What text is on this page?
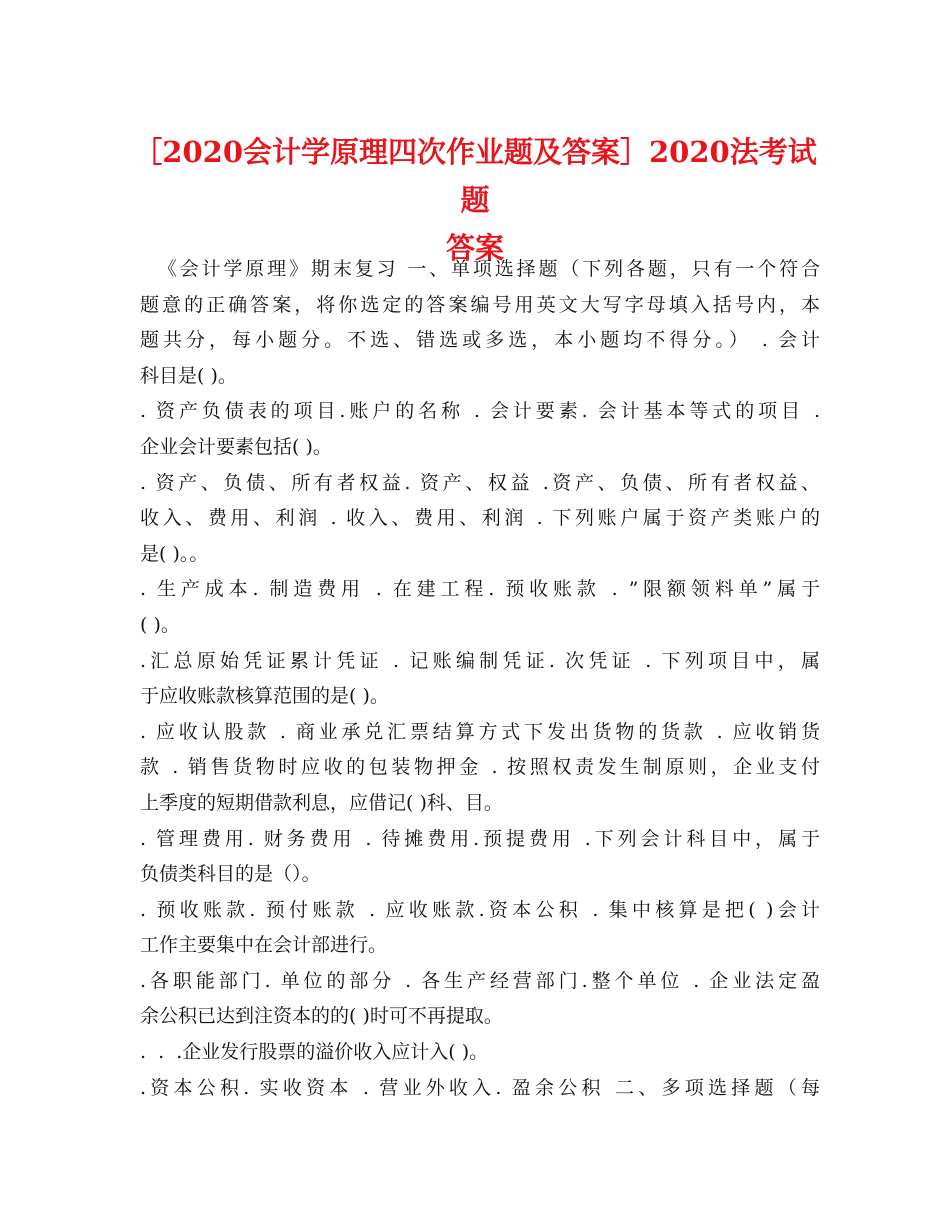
［2020会计学原理四次作业题及答案］2020法考试题
答案
《会计学原理》期末复习 一、单项选择题（下列各题，只有一个符合
题意的正确答案，将你选定的答案编号用英文大写字母填入括号内，本
题共分，每小题分。不选、错选或多选，本小题均不得分。） . 会计
科目是( )。
. 资产负债表的项目.账户的名称 . 会计要素. 会计基本等式的项目 .
企业会计要素包括( )。
. 资产、负债、所有者权益. 资产、权益 .资产、负债、所有者权益、
收入、费用、利润 . 收入、费用、利润 . 下列账户属于资产类账户的
是( )。。
. 生产成本. 制造费用 . 在建工程. 预收账款 . ”限额领料单”属于
( )。
.汇总原始凭证累计凭证 . 记账编制凭证. 次凭证 . 下列项目中，属
于应收账款核算范围的是( )。
. 应收认股款 . 商业承兑汇票结算方式下发出货物的货款 . 应收销货
款 . 销售货物时应收的包装物押金 . 按照权责发生制原则，企业支付
上季度的短期借款利息，应借记( )科、目。
. 管理费用. 财务费用 . 待摊费用.预提费用 .下列会计科目中，属于
负债类科目的是（）。
. 预收账款. 预付账款 . 应收账款.资本公积 . 集中核算是把( )会计
工作主要集中在会计部进行。
.各职能部门. 单位的部分 . 各生产经营部门.整个单位 . 企业法定盈
余公积已达到注资本的的( )时可不再提取。
.  .  .企业发行股票的溢价收入应计入( )。
.资本公积. 实收资本 . 营业外收入. 盈余公积 二、多项选择题（每
